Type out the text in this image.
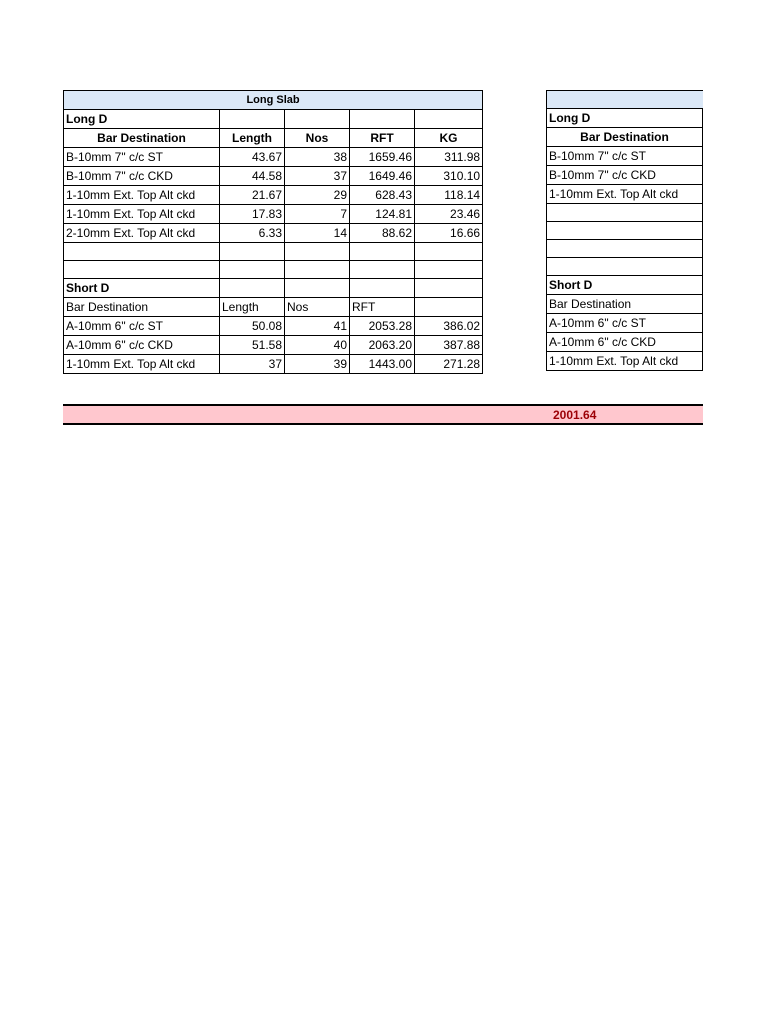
Long Slab				
Long D				
Bar Destination	Length	Nos	RFT	KG
B-10mm 7" c/c ST	43.67	38	1659.46	311.98
B-10mm 7" c/c CKD	44.58	37	1649.46	310.10
1-10mm Ext. Top Alt ckd	21.67	29	628.43	118.14
1-10mm Ext. Top Alt ckd	17.83	7	124.81	23.46
2-10mm Ext. Top Alt ckd	6.33	14	88.62	16.66

Short D				
Bar Destination	Length	Nos	RFT	
A-10mm 6" c/c ST	50.08	41	2053.28	386.02
A-10mm 6" c/c CKD	51.58	40	2063.20	387.88
1-10mm Ext. Top Alt ckd	37	39	1443.00	271.28

Long D	
Bar Destination	
B-10mm 7" c/c ST	
B-10mm 7" c/c CKD	
1-10mm Ext. Top Alt ckd	

Short D	
Bar Destination	
A-10mm 6" c/c ST	
A-10mm 6" c/c CKD	
1-10mm Ext. Top Alt ckd	
2001.64
